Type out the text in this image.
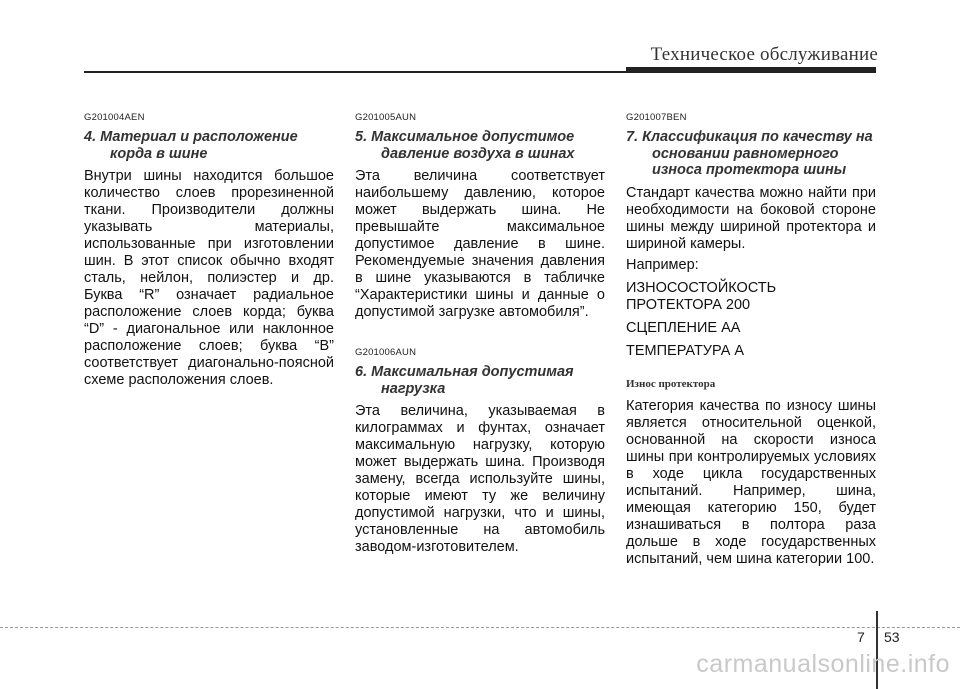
Техническое обслуживание
G201004AEN
4. Материал и расположение корда в шине
Внутри шины находится большое количество слоев прорезиненной ткани. Производители должны указывать материалы, использованные при изготовлении шин. В этот список обычно входят сталь, нейлон, полиэстер и др. Буква “R” означает радиальное расположение слоев корда; буква “D” - диагональное или наклонное расположение слоев; буква “B” соответствует диагонально-поясной схеме расположения слоев.
G201005AUN
5. Максимальное допустимое давление воздуха в шинах
Эта величина соответствует наибольшему давлению, которое может выдержать шина. Не превышайте максимальное допустимое давление в шине. Рекомендуемые значения давления в шине указываются в табличке “Характеристики шины и данные о допустимой загрузке автомобиля”.
G201006AUN
6. Максимальная допустимая нагрузка
Эта величина, указываемая в килограммах и фунтах, означает максимальную нагрузку, которую может выдержать шина. Производя замену, всегда используйте шины, которые имеют ту же величину допустимой нагрузки, что и шины, установленные на автомобиль заводом-изготовителем.
G201007BEN
7. Классификация по качеству на основании равномерного износа протектора шины
Стандарт качества можно найти при необходимости на боковой стороне шины между шириной протектора и шириной камеры.
Например:
ИЗНОСОСТОЙКОСТЬ
ПРОТЕКТОРА 200
СЦЕПЛЕНИЕ АА
ТЕМПЕРАТУРА А
Износ протектора
Категория качества по износу шины является относительной оценкой, основанной на скорости износа шины при контролируемых условиях в ходе цикла государственных испытаний. Например, шина, имеющая категорию 150, будет изнашиваться в полтора раза дольше в ходе государственных испытаний, чем шина категории 100.
7 53
carmanualsonline.info
